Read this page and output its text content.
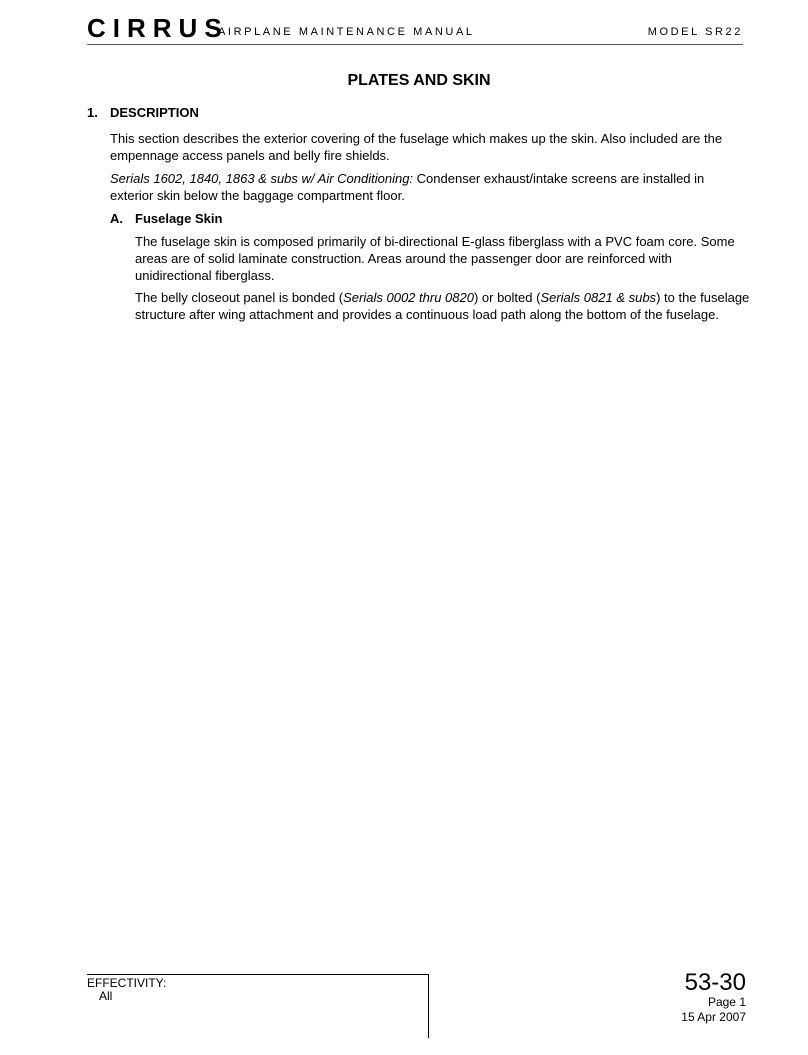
CIRRUS
AIRPLANE MAINTENANCE MANUAL	MODEL SR22
PLATES AND SKIN
1. DESCRIPTION

This section describes the exterior covering of the fuselage which makes up the skin. Also included are the empennage access panels and belly fire shields.

Serials 1602, 1840, 1863 & subs w/ Air Conditioning: Condenser exhaust/intake screens are installed in exterior skin below the baggage compartment floor.

A. Fuselage Skin

The fuselage skin is composed primarily of bi-directional E-glass fiberglass with a PVC foam core. Some areas are of solid laminate construction. Areas around the passenger door are reinforced with unidirectional fiberglass.

The belly closeout panel is bonded (Serials 0002 thru 0820) or bolted (Serials 0821 & subs) to the fuselage structure after wing attachment and provides a continuous load path along the bottom of the fuselage.

EFFECTIVITY:
All	53-30
Page 1
15 Apr 2007
